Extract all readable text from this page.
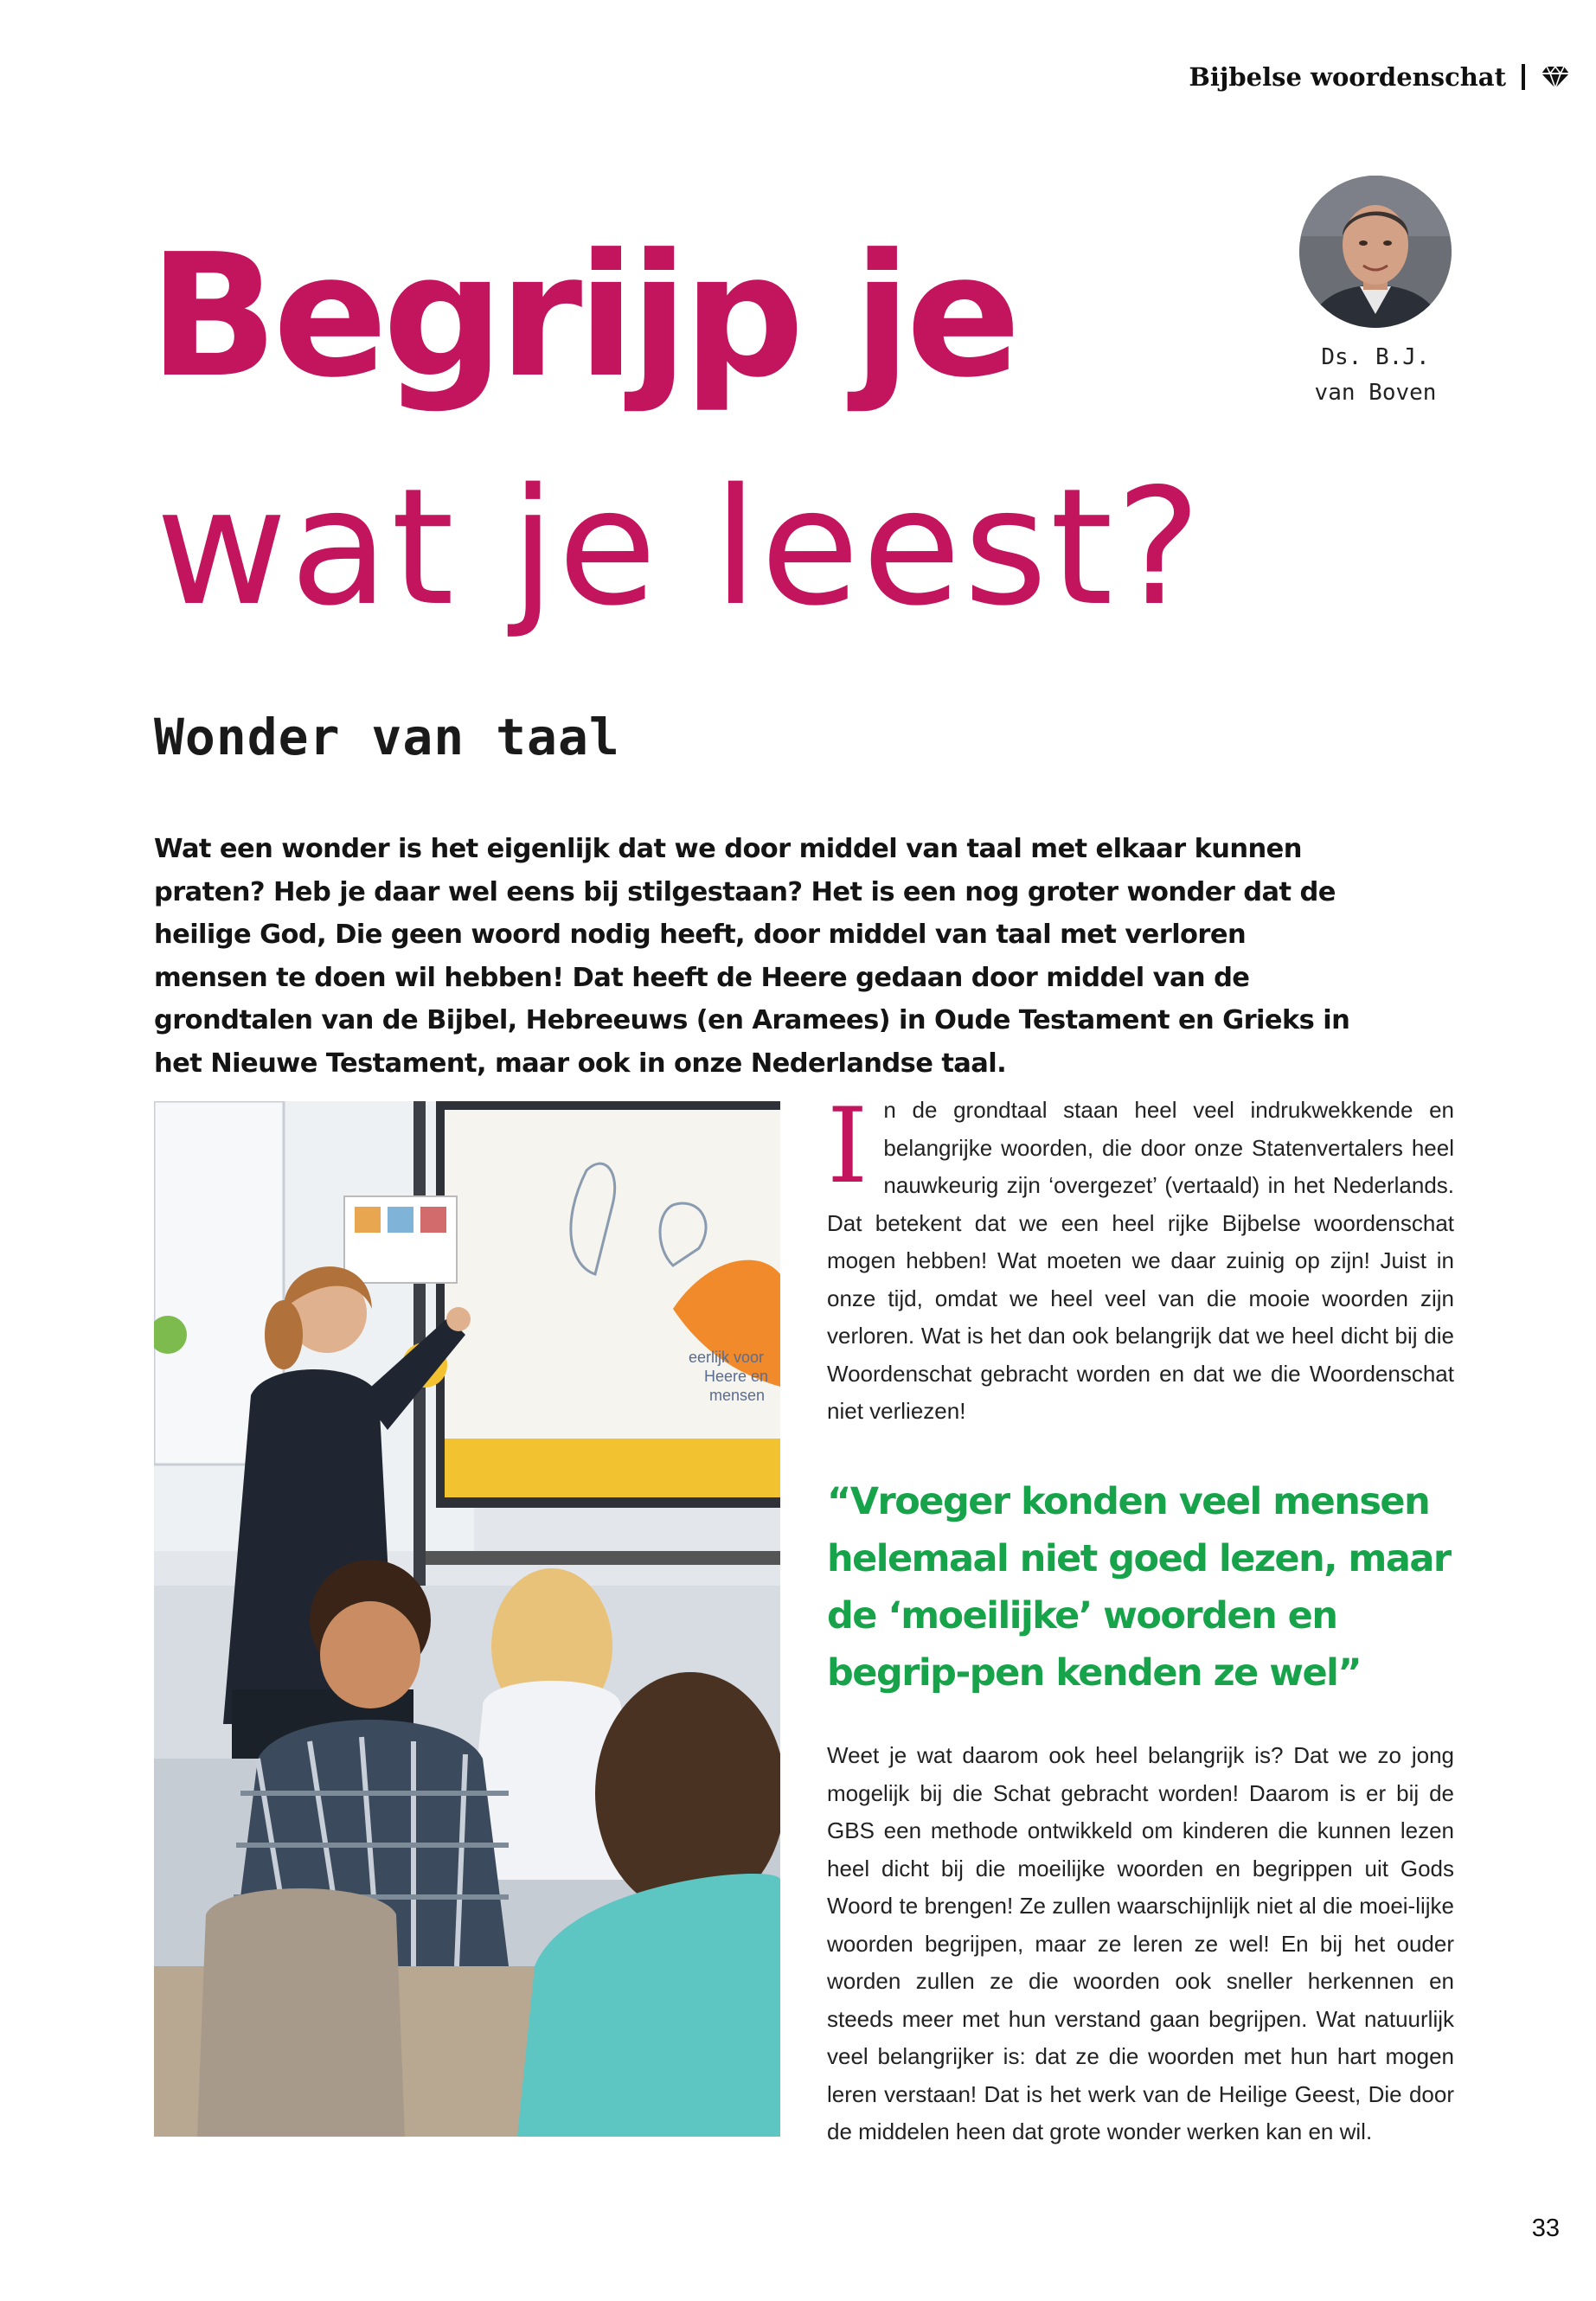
Bijbelse woordenschat
Begrijp je
wat je leest?
Ds. B.J.
van Boven
Wonder van taal

Wat een wonder is het eigenlijk dat we door middel van taal met elkaar kunnen praten? Heb je daar wel eens bij stilgestaan? Het is een nog groter wonder dat de heilige God, Die geen woord nodig heeft, door middel van taal met verloren mensen te doen wil hebben! Dat heeft de Heere gedaan door middel van de grondtalen van de Bijbel, Hebreeuws (en Aramees) in Oude Testament en Grieks in het Nieuwe Testament, maar ook in onze Nederlandse taal.

eerlijk voor
Heere en
mensen

In de grondtaal staan heel veel indrukwekkende en belangrijke woorden, die door onze Statenvertalers heel nauwkeurig zijn ‘overgezet’ (vertaald) in het Nederlands. Dat betekent dat we een heel rijke Bijbelse woordenschat mogen hebben! Wat moeten we daar zuinig op zijn! Juist in onze tijd, omdat we heel veel van die mooie woorden zijn verloren. Wat is het dan ook belangrijk dat we heel dicht bij die Woordenschat gebracht worden en dat we die Woordenschat niet verliezen!

“Vroeger konden veel mensen helemaal niet goed lezen, maar de ‘moeilijke’ woorden en begrip-pen kenden ze wel”

Weet je wat daarom ook heel belangrijk is? Dat we zo jong mogelijk bij die Schat gebracht worden! Daarom is er bij de GBS een methode ontwikkeld om kinderen die kunnen lezen heel dicht bij die moeilijke woorden en begrippen uit Gods Woord te brengen! Ze zullen waarschijnlijk niet al die moei-lijke woorden begrijpen, maar ze leren ze wel! En bij het ouder worden zullen ze die woorden ook sneller herkennen en steeds meer met hun verstand gaan begrijpen. Wat natuurlijk veel belangrijker is: dat ze die woorden met hun hart mogen leren verstaan! Dat is het werk van de Heilige Geest, Die door de middelen heen dat grote wonder werken kan en wil.

33
